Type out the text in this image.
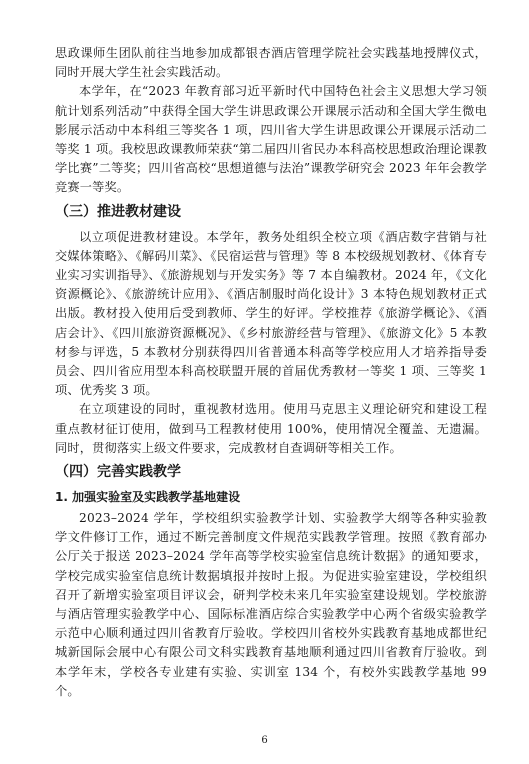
思政课师生团队前往当地参加成都银杏酒店管理学院社会实践基地授牌仪式，同时开展大学生社会实践活动。

本学年，在“2023 年教育部习近平新时代中国特色社会主义思想大学习领航计划系列活动”中获得全国大学生讲思政课公开课展示活动和全国大学生微电影展示活动中本科组三等奖各 1 项，四川省大学生讲思政课公开课展示活动二等奖 1 项。我校思政课教师荣获“第二届四川省民办本科高校思想政治理论课教学比赛”二等奖；四川省高校“思想道德与法治”课教学研究会 2023 年年会教学竞赛一等奖。

（三）推进教材建设

以立项促进教材建设。本学年，教务处组织全校立项《酒店数字营销与社交媒体策略》、《解码川菜》、《民宿运营与管理》等 8 本校级规划教材、《体育专业实习实训指导》、《旅游规划与开发实务》等 7 本自编教材。2024 年，《文化资源概论》、《旅游统计应用》、《酒店制服时尚化设计》3 本特色规划教材正式出版。教材投入使用后受到教师、学生的好评。学校推荐《旅游学概论》、《酒店会计》、《四川旅游资源概况》、《乡村旅游经营与管理》、《旅游文化》5 本教材参与评选，5 本教材分别获得四川省普通本科高等学校应用人才培养指导委员会、四川省应用型本科高校联盟开展的首届优秀教材一等奖 1 项、三等奖 1 项、优秀奖 3 项。

在立项建设的同时，重视教材选用。使用马克思主义理论研究和建设工程重点教材征订使用，做到马工程教材使用 100%，使用情况全覆盖、无遗漏。同时，贯彻落实上级文件要求，完成教材自查调研等相关工作。

（四）完善实践教学
1. 加强实验室及实践教学基地建设

2023–2024 学年，学校组织实验教学计划、实验教学大纲等各种实验教学文件修订工作，通过不断完善制度文件规范实践教学管理。按照《教育部办公厅关于报送 2023–2024 学年高等学校实验室信息统计数据》的通知要求，学校完成实验室信息统计数据填报并按时上报。为促进实验室建设，学校组织召开了新增实验室项目评议会，研判学校未来几年实验室建设规划。学校旅游与酒店管理实验教学中心、国际标准酒店综合实验教学中心两个省级实验教学示范中心顺利通过四川省教育厅验收。学校四川省校外实践教育基地成都世纪城新国际会展中心有限公司文科实践教育基地顺利通过四川省教育厅验收。到本学年末，学校各专业建有实验、实训室 134 个，有校外实践教学基地 99 个。

6
